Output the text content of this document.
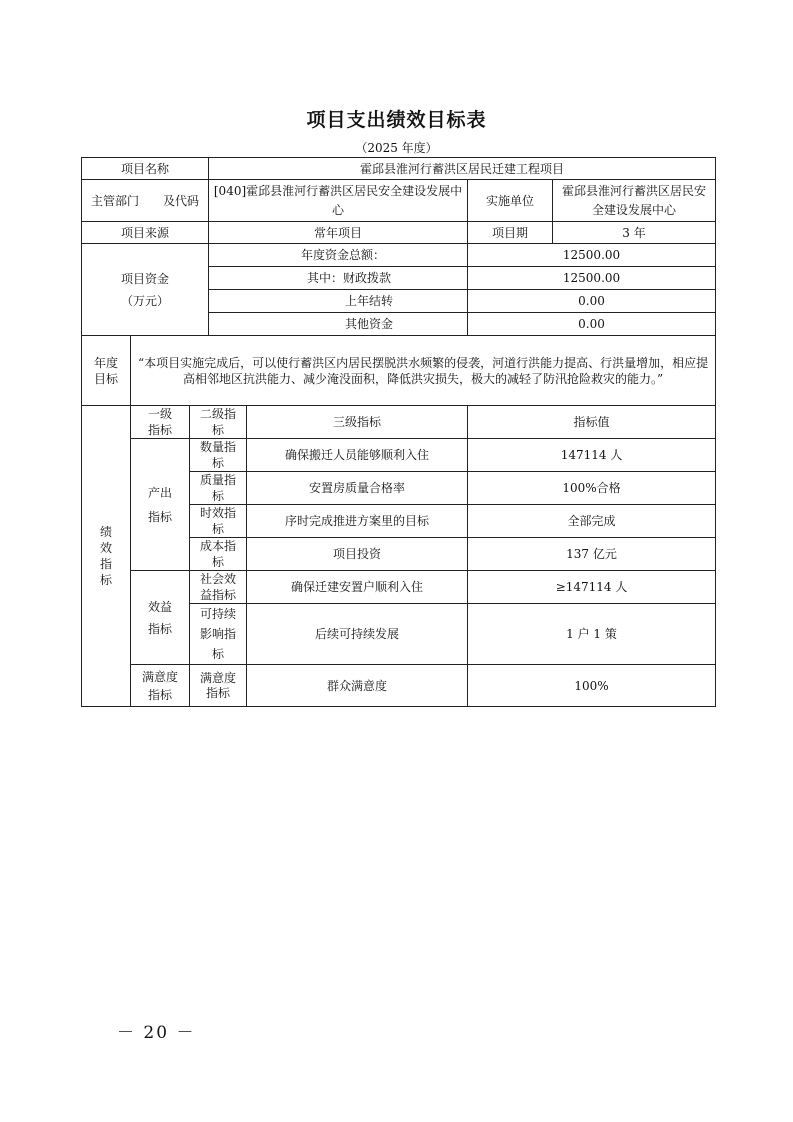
项目支出绩效目标表
（2025 年度）
项目名称			霍邱县淮河行蓄洪区居民迁建工程项目			
主管部门　　及代码			[040]霍邱县淮河行蓄洪区居民安全建设发展中心		实施单位	霍邱县淮河行蓄洪区居民安全建设发展中心
项目来源			常年项目		项目期	3 年
项目资金
（万元）			年度资金总额：		12500.00	
			其中：财政拨款		12500.00	
			上年结转		0.00	
			其他资金		0.00	
年度目标	“本项目实施完成后，可以使行蓄洪区内居民摆脱洪水频繁的侵袭，河道行洪能力提高、行洪量增加，相应提高相邻地区抗洪能力、减少淹没面积，降低洪灾损失，极大的减轻了防汛抢险救灾的能力。”					
绩效指标	一级指标	二级指标		三级指标	指标值	
	产出指标	数量指标		确保搬迁人员能够顺利入住	147114 人	
		质量指标		安置房质量合格率	100%合格	
		时效指标		序时完成推进方案里的目标	全部完成	
		成本指标		项目投资	137 亿元	
	效益指标	社会效益指标		确保迁建安置户顺利入住	≥147114 人	
		可持续影响指标		后续可持续发展	1 户 1 策	
	满意度指标	满意度指标		群众满意度	100%	
－ 20 －
